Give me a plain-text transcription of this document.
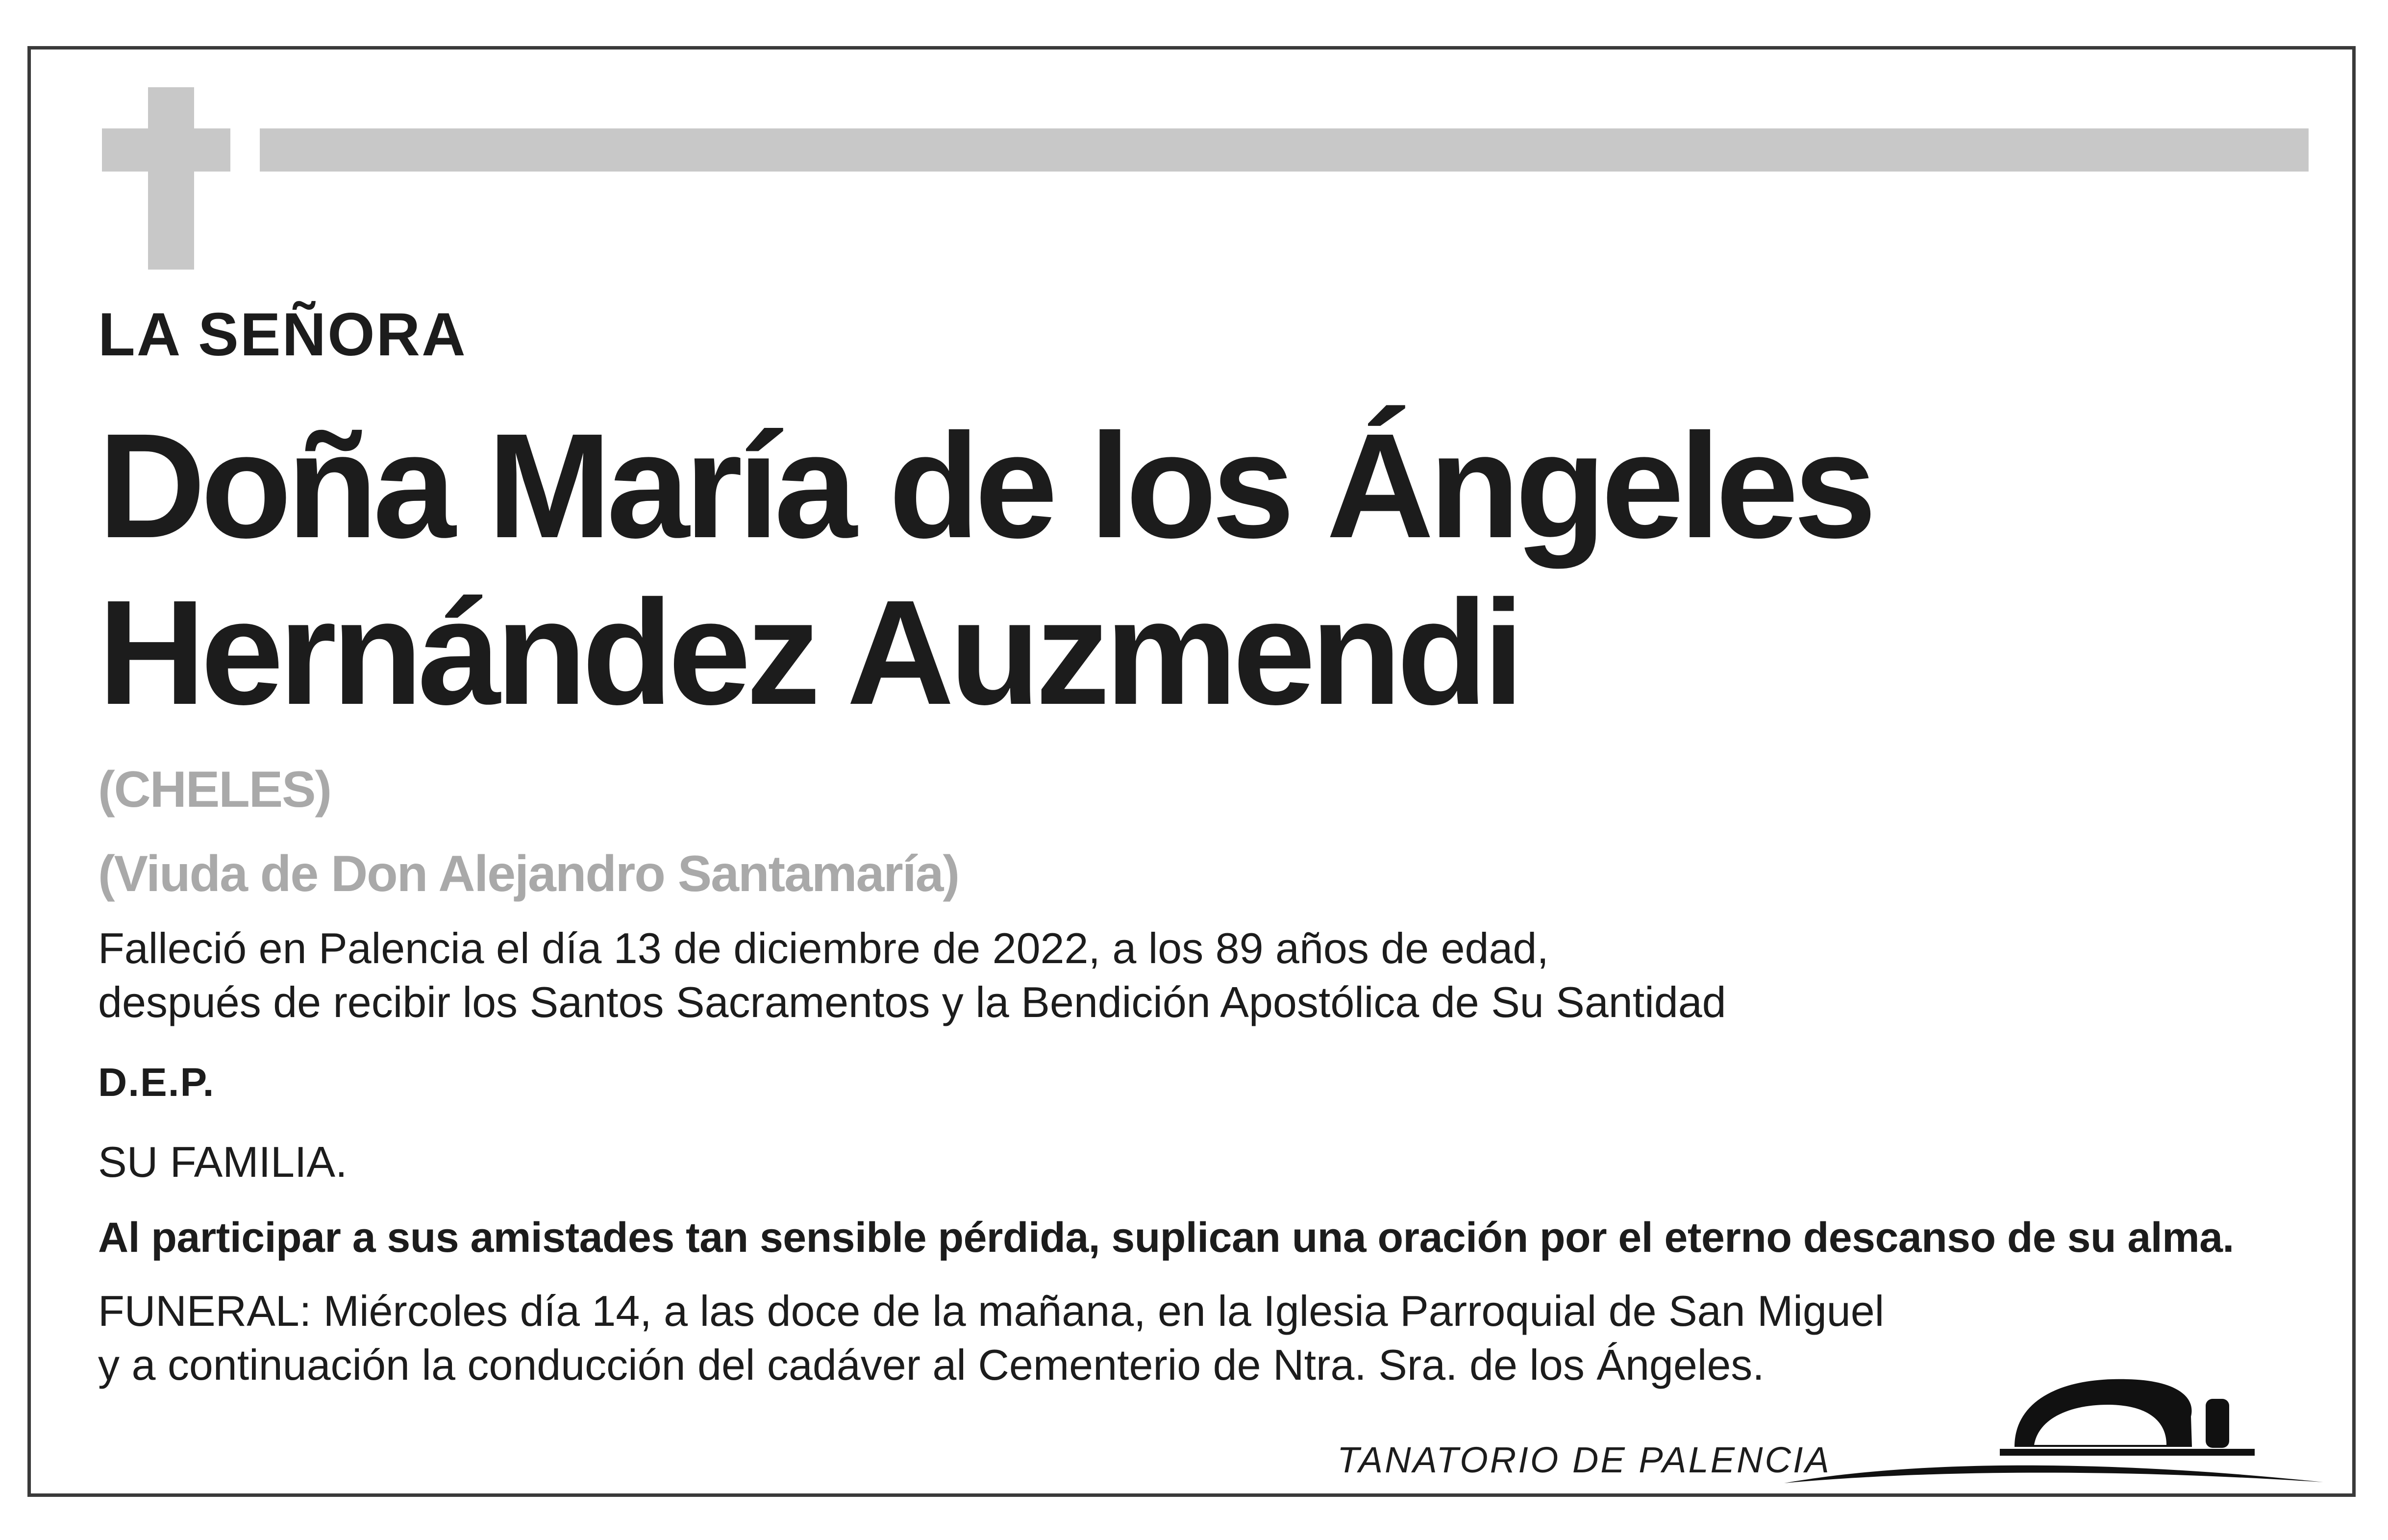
LA SEÑORA
Doña María de los Ángeles
Hernández Auzmendi
(CHELES)
(Viuda de Don Alejandro Santamaría)
Falleció en Palencia el día 13 de diciembre de 2022, a los 89 años de edad,
después de recibir los Santos Sacramentos y la Bendición Apostólica de Su Santidad
D.E.P.
SU FAMILIA.
Al participar a sus amistades tan sensible pérdida, suplican una oración por el eterno descanso de su alma.
FUNERAL: Miércoles día 14, a las doce de la mañana, en la Iglesia Parroquial de San Miguel
y a continuación la conducción del cadáver al Cementerio de Ntra. Sra. de los Ángeles.
TANATORIO DE PALENCIA
